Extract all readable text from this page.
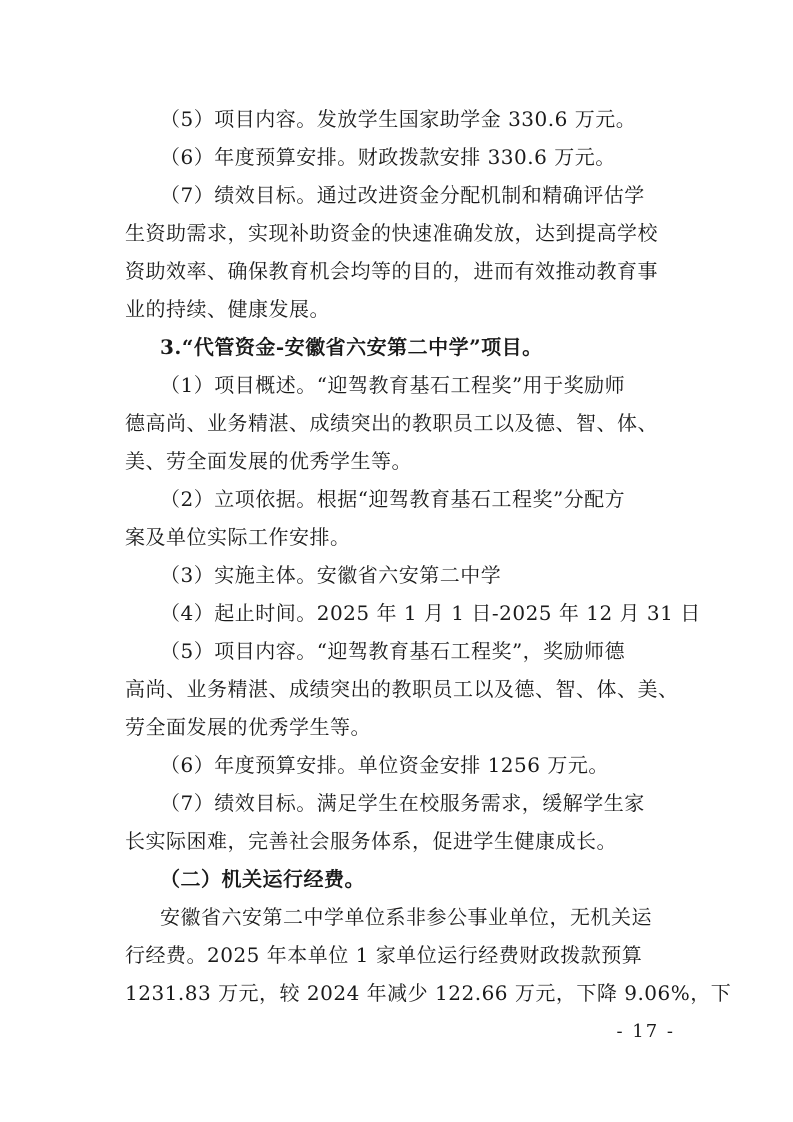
（5）项目内容。发放学生国家助学金 330.6 万元。
（6）年度预算安排。财政拨款安排 330.6 万元。
（7）绩效目标。通过改进资金分配机制和精确评估学
生资助需求，实现补助资金的快速准确发放，达到提高学校
资助效率、确保教育机会均等的目的，进而有效推动教育事
业的持续、健康发展。
3.“代管资金-安徽省六安第二中学”项目。
（1）项目概述。“迎驾教育基石工程奖”用于奖励师
德高尚、业务精湛、成绩突出的教职员工以及德、智、体、
美、劳全面发展的优秀学生等。
（2）立项依据。根据“迎驾教育基石工程奖”分配方
案及单位实际工作安排。
（3）实施主体。安徽省六安第二中学
（4）起止时间。2025 年 1 月 1 日-2025 年 12 月 31 日
（5）项目内容。“迎驾教育基石工程奖”，奖励师德
高尚、业务精湛、成绩突出的教职员工以及德、智、体、美、
劳全面发展的优秀学生等。
（6）年度预算安排。单位资金安排 1256 万元。
（7）绩效目标。满足学生在校服务需求，缓解学生家
长实际困难，完善社会服务体系，促进学生健康成长。
（二）机关运行经费。
安徽省六安第二中学单位系非参公事业单位，无机关运
行经费。2025 年本单位 1 家单位运行经费财政拨款预算
1231.83 万元，较 2024 年减少 122.66 万元，下降 9.06%，下
- 17 -
